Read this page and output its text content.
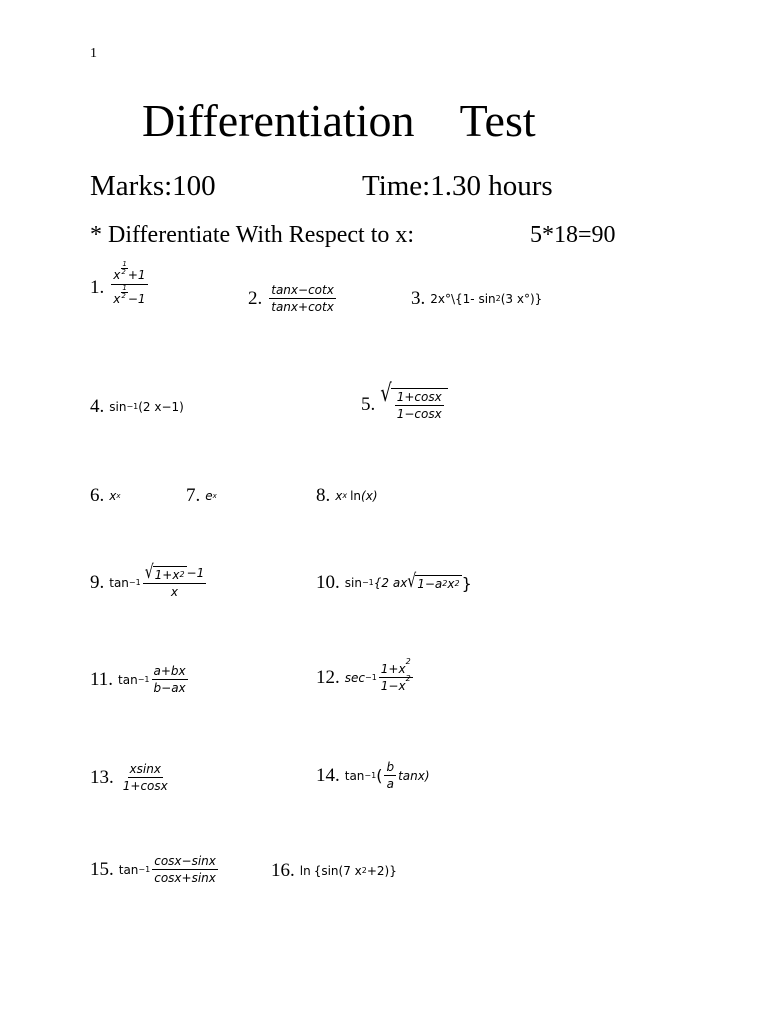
1
Differentiation    Test
Marks:100	Time:1.30 hours
* Differentiate With Respect to x:	5*18=90
1. x
1
2 +1
x
1
2 −1	2. $\frac{\tan x-\cot x}{\tan x+\cot x}$	3. 2x°\{1- sin 2 (3 x°)}
4. sin −1 (2 x−1)	5. √ $\frac{1+\cos x}{1-\cos x}$
6. x x	7. e x	8. x x ln (x)
9. $\tan -1 \frac{√ 1+x 2 -1}{x}$	10. sin −1 {2 ax √ 1−a 2 x 2 }
11. $\tan -1 \frac{a+bx}{b-ax}$	12. sec −1 1+x
2
1−x
2
13. $\frac{xsinx}{1+\cos x}$	14. tan −1 ( $\frac{b}{a} \tan x$)
15. $\tan -1 \frac{\cos x-\sin x}{\cos x+\sin x}$	16. ln {sin(7 x 2 +2)}
